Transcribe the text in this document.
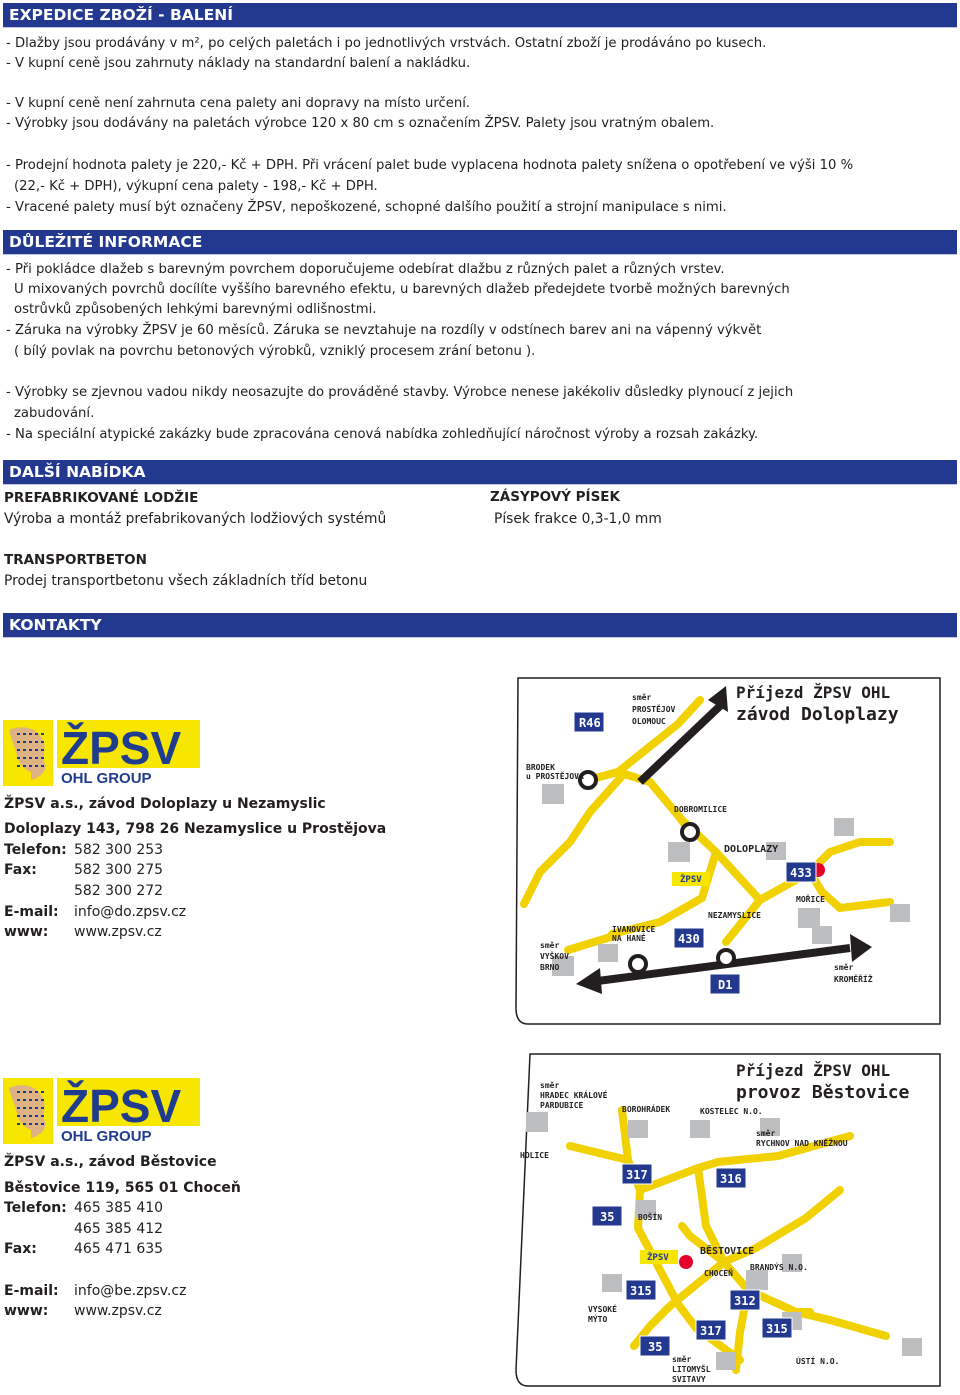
EXPEDICE ZBOŽÍ - BALENÍ
- Dlažby jsou prodávány v m², po celých paletách i po jednotlivých vrstvách. Ostatní zboží je prodáváno po kusech.
- V kupní ceně jsou zahrnuty náklady na standardní balení a nakládku.
- V kupní ceně není zahrnuta cena palety ani dopravy na místo určení.
- Výrobky jsou dodávány na paletách výrobce 120 x 80 cm s označením ŽPSV. Palety jsou vratným obalem.
- Prodejní hodnota palety je 220,- Kč + DPH. Při vrácení palet bude vyplacena hodnota palety snížena o opotřebení ve výši 10 %
(22,- Kč + DPH), výkupní cena palety - 198,- Kč + DPH.
- Vracené palety musí být označeny ŽPSV, nepoškozené, schopné dalšího použití a strojní manipulace s nimi.
DŮLEŽITÉ INFORMACE
- Při pokládce dlažeb s barevným povrchem doporučujeme odebírat dlažbu z různých palet a různých vrstev.
U mixovaných povrchů docílíte vyššího barevného efektu, u barevných dlažeb předejdete tvorbě možných barevných
ostrůvků způsobených lehkými barevnými odlišnostmi.
- Záruka na výrobky ŽPSV je 60 měsíců. Záruka se nevztahuje na rozdíly v odstínech barev ani na vápenný výkvět
( bílý povlak na povrchu betonových výrobků, vzniklý procesem zrání betonu ).
- Výrobky se zjevnou vadou nikdy neosazujte do prováděné stavby. Výrobce nenese jakékoliv důsledky plynoucí z jejich
zabudování.
- Na speciální atypické zakázky bude zpracována cenová nabídka zohledňující náročnost výroby a rozsah zakázky.
DALŠÍ NABÍDKA
PREFABRIKOVANÉ LODŽIE
Výroba a montáž prefabrikovaných lodžiových systémů
ZÁSYPOVÝ PÍSEK
Písek frakce 0,3-1,0 mm
TRANSPORTBETON
Prodej transportbetonu všech základních tříd betonu
KONTAKTY
ŽPSV
OHL GROUP
ŽPSV a.s., závod Doloplazy u Nezamyslic
Doloplazy 143, 798 26 Nezamyslice u Prostějova
Telefon: 582 300 253
Fax:	582 300 275
582 300 272
E-mail: info@do.zpsv.cz
www: www.zpsv.cz
R46
433
430
D1
Příjezd ŽPSV OHL
závod Doloplazy
směr
PROSTĚJOV
OLOMOUC
BRODEK
u PROSTĚJOVA
DOBROMILICE
DOLOPLAZY
MOŘICE
NEZAMYSLICE
IVANOVICE
NA HANÉ
směr
VYŠKOV
BRNO	směr
KROMĚŘÍŽ
ŽPSV
ŽPSV
OHL GROUP
ŽPSV a.s., závod Běstovice
Běstovice 119, 565 01 Choceň
Telefon: 465 385 410
465 385 412
Fax:	465 471 635
E-mail: info@be.zpsv.cz
www: www.zpsv.cz
317	316
35
315
312
317	315
35
Příjezd ŽPSV OHL
provoz Běstovice
směr
HRADEC KRÁLOVÉ
PARDUBICE
HOLICE
BOROHRÁDEK	KOSTELEC N.O.
směr
RYCHNOV NAD KNĚŽNOU
BOŠÍN
BĚSTOVICE
CHOCEŇ
BRANDÝS N.O.
VYSOKÉ
MÝTO
ÚSTÍ N.O.
směr
LITOMYŠL
SVITAVY
ŽPSV
